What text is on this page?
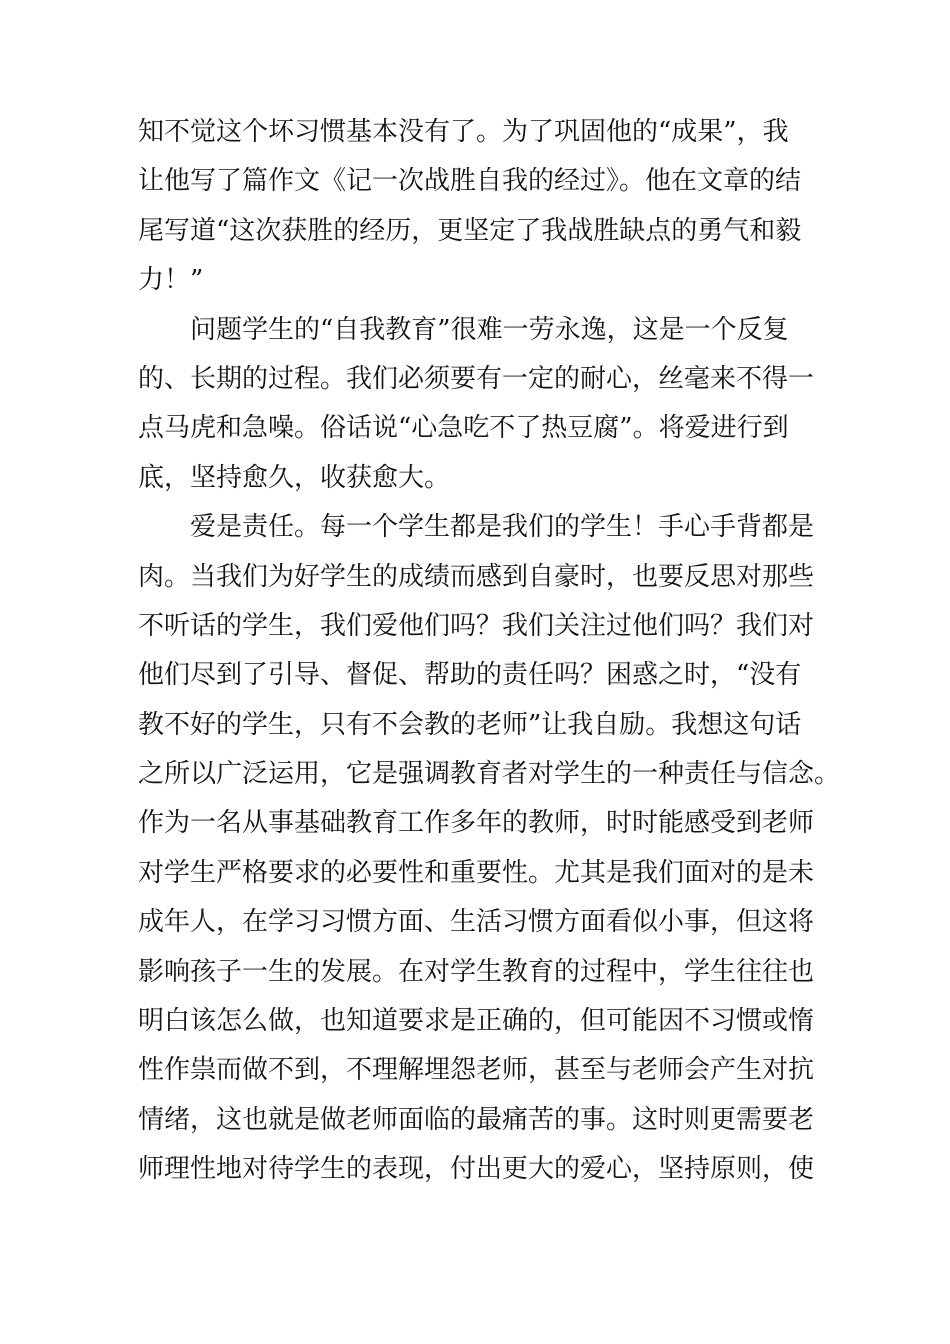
知不觉这个坏习惯基本没有了。为了巩固他的“成果”，我
让他写了篇作文《记一次战胜自我的经过》。他在文章的结
尾写道“这次获胜的经历，更坚定了我战胜缺点的勇气和毅
力！”
　　问题学生的“自我教育”很难一劳永逸，这是一个反复
的、长期的过程。我们必须要有一定的耐心，丝毫来不得一
点马虎和急噪。俗话说“心急吃不了热豆腐”。将爱进行到
底，坚持愈久，收获愈大。
　　爱是责任。每一个学生都是我们的学生！手心手背都是
肉。当我们为好学生的成绩而感到自豪时，也要反思对那些
不听话的学生，我们爱他们吗？我们关注过他们吗？我们对
他们尽到了引导、督促、帮助的责任吗？困惑之时，“没有
教不好的学生，只有不会教的老师”让我自励。我想这句话
之所以广泛运用，它是强调教育者对学生的一种责任与信念。
作为一名从事基础教育工作多年的教师，时时能感受到老师
对学生严格要求的必要性和重要性。尤其是我们面对的是未
成年人，在学习习惯方面、生活习惯方面看似小事，但这将
影响孩子一生的发展。在对学生教育的过程中，学生往往也
明白该怎么做，也知道要求是正确的，但可能因不习惯或惰
性作祟而做不到，不理解埋怨老师，甚至与老师会产生对抗
情绪，这也就是做老师面临的最痛苦的事。这时则更需要老
师理性地对待学生的表现，付出更大的爱心，坚持原则，使
